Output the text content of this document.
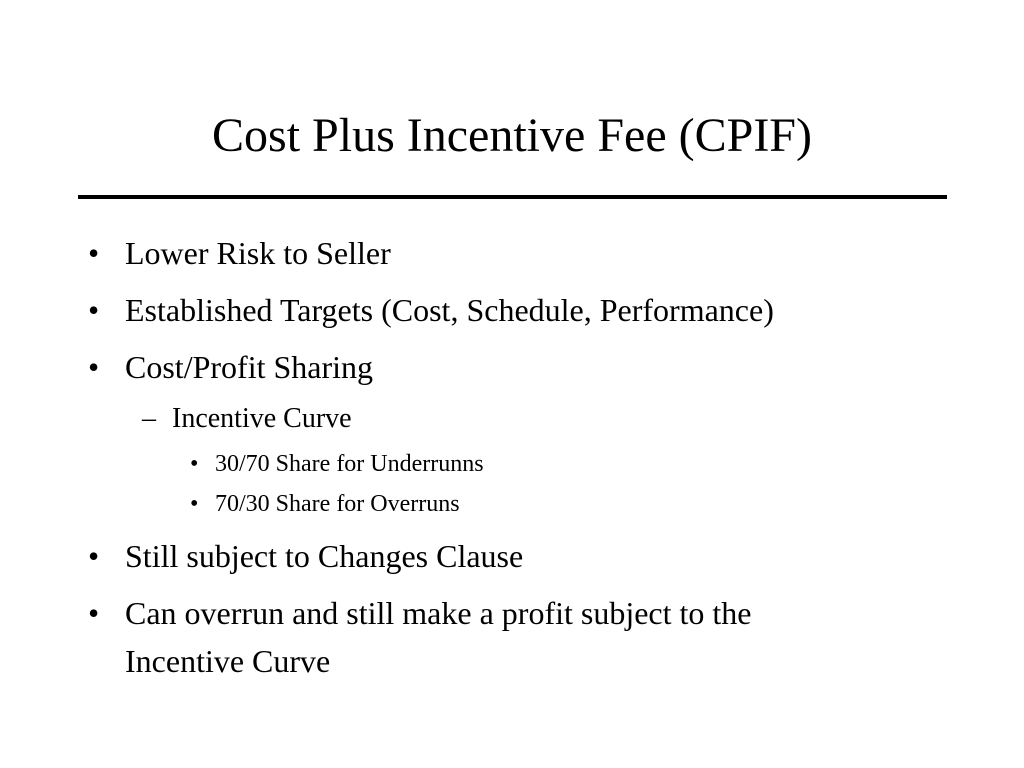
Cost Plus Incentive Fee (CPIF)
• Lower Risk to Seller
• Established Targets (Cost, Schedule, Performance)
• Cost/Profit Sharing
– Incentive Curve
• 30/70 Share for Underrunns
• 70/30 Share for Overruns
• Still subject to Changes Clause
• Can overrun and still make a profit subject to the
Incentive Curve
